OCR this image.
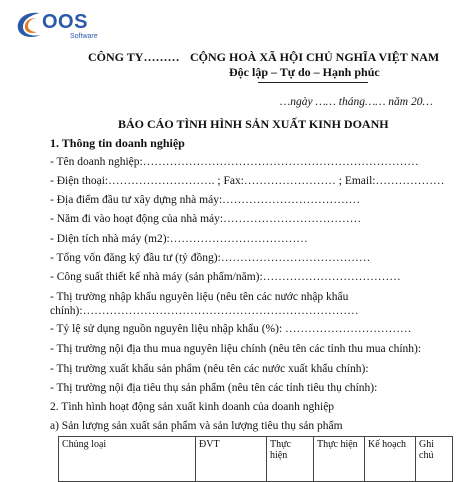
OOS
Software
CÔNG TY……… CỘNG HOÀ XÃ HỘI CHỦ NGHĨA VIỆT NAM
Độc lập – Tự do – Hạnh phúc
…ngày …… tháng…… năm 20…
BÁO CÁO TÌNH HÌNH SẢN XUẤT KINH DOANH
1. Thông tin doanh nghiệp
- Tên doanh nghiệp:………………………………………………………………
- Điện thoại:………………………. ; Fax:…………………… ; Email:………………
- Địa điểm đầu tư xây dựng nhà máy:………………………………
- Năm đi vào hoạt động của nhà máy:………………………………
- Diện tích nhà máy (m2):………………………………
- Tổng vốn đăng ký đầu tư (tỷ đồng):…………………………………
- Công suất thiết kế nhà máy (sản phẩm/năm):………………………………
- Thị trường nhập khẩu nguyên liệu (nêu tên các nước nhập khẩu
chính):………………………………………………………………
- Tỷ lệ sử dụng nguồn nguyên liệu nhập khẩu (%): ……………………………
- Thị trường nội địa thu mua nguyên liệu chính (nêu tên các tỉnh thu mua chính):
- Thị trường xuất khẩu sản phẩm (nêu tên các nước xuất khẩu chính):
- Thị trường nội địa tiêu thụ sản phẩm (nêu tên các tỉnh tiêu thụ chính):
2. Tình hình hoạt động sản xuất kinh doanh của doanh nghiệp
a) Sản lượng sản xuất sản phẩm và sản lượng tiêu thụ sản phẩm
Chủng loại	ĐVT	Thực hiện	Thực hiện	Kế hoạch	Ghi chú
